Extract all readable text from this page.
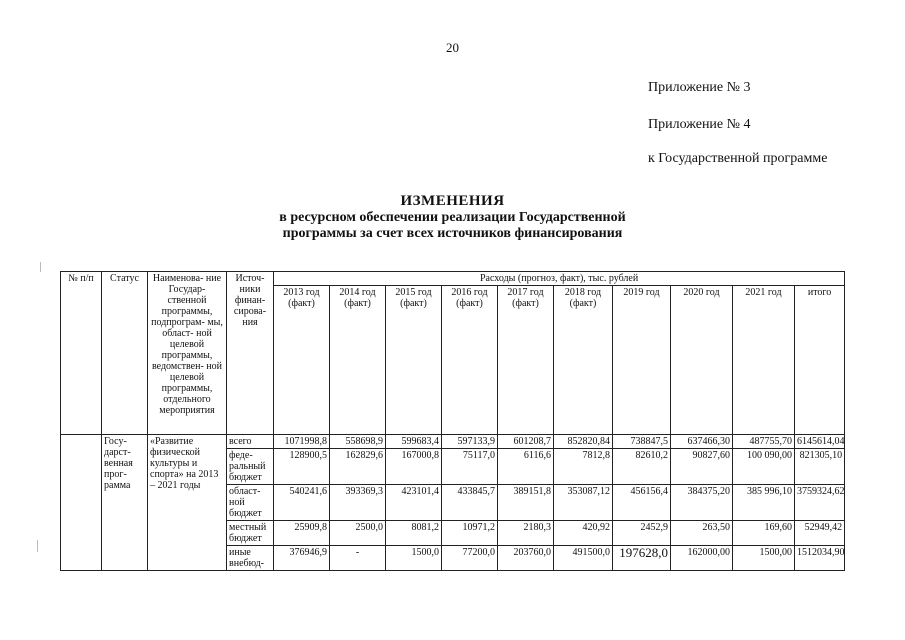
20
Приложение № 3
Приложение № 4
к Государственной программе
ИЗМЕНЕНИЯ
в ресурсном обеспечении реализации Государственной
программы за счет всех источников финансирования
№ п/п	Статус	Наименова- ние Государ- ственной программы, подпрограм- мы, област- ной целевой программы, ведомствен- ной целевой программы, отдельного мероприятия	Источ- ники финан- сирова- ния	Расходы (прогноз, факт), тыс. рублей									
				2013 год (факт)	2014 год (факт)	2015 год (факт)	2016 год (факт)	2017 год (факт)	2018 год (факт)	2019 год	2020 год	2021 год	итого
	Госу- дарст- венная прог- рамма	«Развитие физической культуры и спорта» на 2013 – 2021 годы	всего	1071998,8	558698,9	599683,4	597133,9	601208,7	852820,84	738847,5	637466,30	487755,70	6145614,04
			феде- ральный бюджет	128900,5	162829,6	167000,8	75117,0	6116,6	7812,8	82610,2	90827,60	100 090,00	821305,10
			област- ной бюджет	540241,6	393369,3	423101,4	433845,7	389151,8	353087,12	456156,4	384375,20	385 996,10	3759324,62
			местный бюджет	25909,8	2500,0	8081,2	10971,2	2180,3	420,92	2452,9	263,50	169,60	52949,42
			иные внебюд-	376946,9	-	1500,0	77200,0	203760,0	491500,0	197628,0	162000,00	1500,00	1512034,90
